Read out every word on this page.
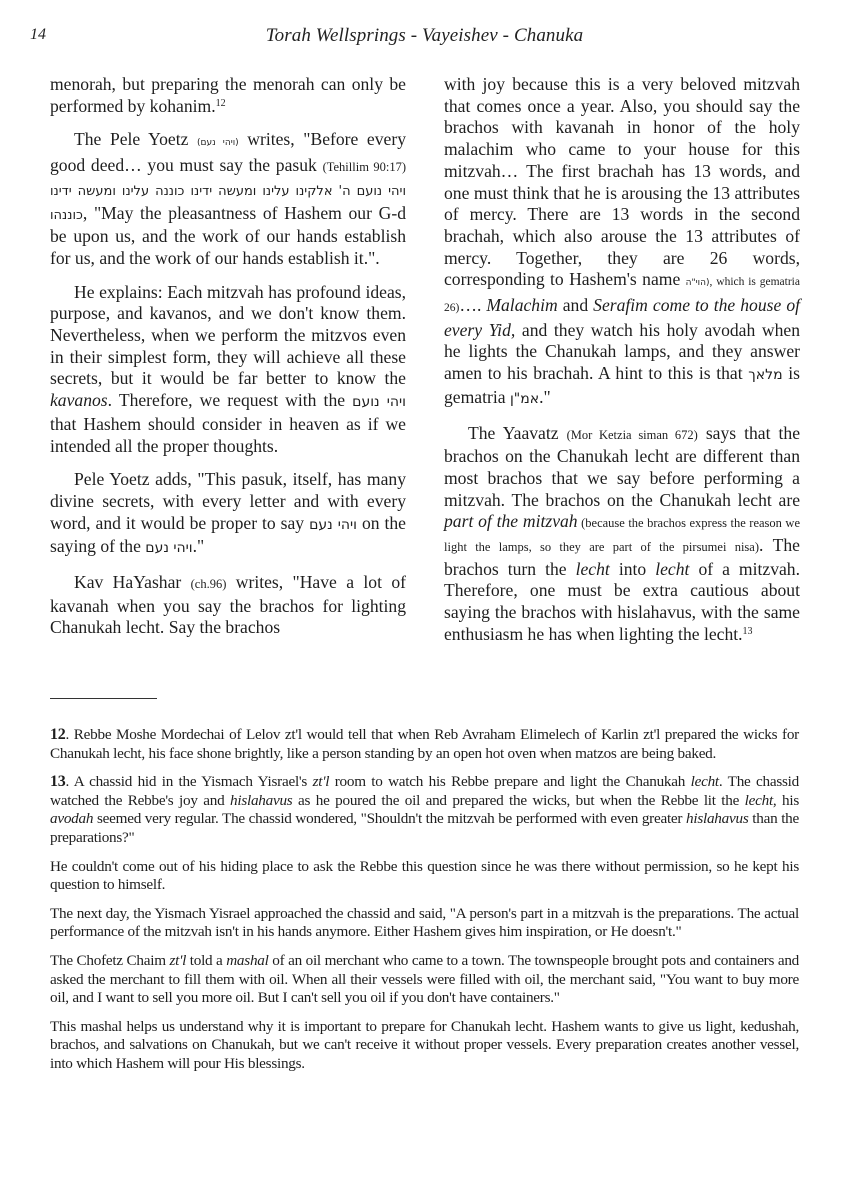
14	Torah Wellsprings - Vayeishev - Chanuka

menorah, but preparing the menorah can only be performed by kohanim.$^{12}$

The Pele Yoetz (ויהי נעם) writes, "Before every good deed… you must say the pasuk (Tehillim 90:17) ויהי נועם ה' אלקינו עלינו ומעשה ידינו כוננה עלינו ומעשה ידינו כוננהו, "May the pleasantness of Hashem our G-d be upon us, and the work of our hands establish for us, and the work of our hands establish it.".

He explains: Each mitzvah has profound ideas, purpose, and kavanos, and we don't know them. Nevertheless, when we perform the mitzvos even in their simplest form, they will achieve all these secrets, but it would be far better to know the kavanos. Therefore, we request with the ויהי נועם that Hashem should consider in heaven as if we intended all the proper thoughts.

Pele Yoetz adds, "This pasuk, itself, has many divine secrets, with every letter and with every word, and it would be proper to say ויהי נעם on the saying of the ויהי נעם."

Kav HaYashar (ch.96) writes, "Have a lot of kavanah when you say the brachos for lighting Chanukah lecht. Say the brachos

with joy because this is a very beloved mitzvah that comes once a year. Also, you should say the brachos with kavanah in honor of the holy malachim who came to your house for this mitzvah… The first brachah has 13 words, and one must think that he is arousing the 13 attributes of mercy. There are 13 words in the second brachah, which also arouse the 13 attributes of mercy. Together, they are 26 words, corresponding to Hashem's name (הוי"ה, which is gematria 26)…. Malachim and Serafim come to the house of every Yid, and they watch his holy avodah when he lights the Chanukah lamps, and they answer amen to his brachah. A hint to this is that מלאך is gematria אמ"ן."

The Yaavatz (Mor Ketzia siman 672) says that the brachos on the Chanukah lecht are different than most brachos that we say before performing a mitzvah. The brachos on the Chanukah lecht are part of the mitzvah (because the brachos express the reason we light the lamps, so they are part of the pirsumei nisa). The brachos turn the lecht into lecht of a mitzvah. Therefore, one must be extra cautious about saying the brachos with hislahavus, with the same enthusiasm he has when lighting the lecht.$^{13}$

12. Rebbe Moshe Mordechai of Lelov zt'l would tell that when Reb Avraham Elimelech of Karlin zt'l prepared the wicks for Chanukah lecht, his face shone brightly, like a person standing by an open hot oven when matzos are being baked.

13. A chassid hid in the Yismach Yisrael's zt'l room to watch his Rebbe prepare and light the Chanukah lecht. The chassid watched the Rebbe's joy and hislahavus as he poured the oil and prepared the wicks, but when the Rebbe lit the lecht, his avodah seemed very regular. The chassid wondered, "Shouldn't the mitzvah be performed with even greater hislahavus than the preparations?"

He couldn't come out of his hiding place to ask the Rebbe this question since he was there without permission, so he kept his question to himself.

The next day, the Yismach Yisrael approached the chassid and said, "A person's part in a mitzvah is the preparations. The actual performance of the mitzvah isn't in his hands anymore. Either Hashem gives him inspiration, or He doesn't."

The Chofetz Chaim zt'l told a mashal of an oil merchant who came to a town. The townspeople brought pots and containers and asked the merchant to fill them with oil. When all their vessels were filled with oil, the merchant said, "You want to buy more oil, and I want to sell you more oil. But I can't sell you oil if you don't have containers."

This mashal helps us understand why it is important to prepare for Chanukah lecht. Hashem wants to give us light, kedushah, brachos, and salvations on Chanukah, but we can't receive it without proper vessels. Every preparation creates another vessel, into which Hashem will pour His blessings.
